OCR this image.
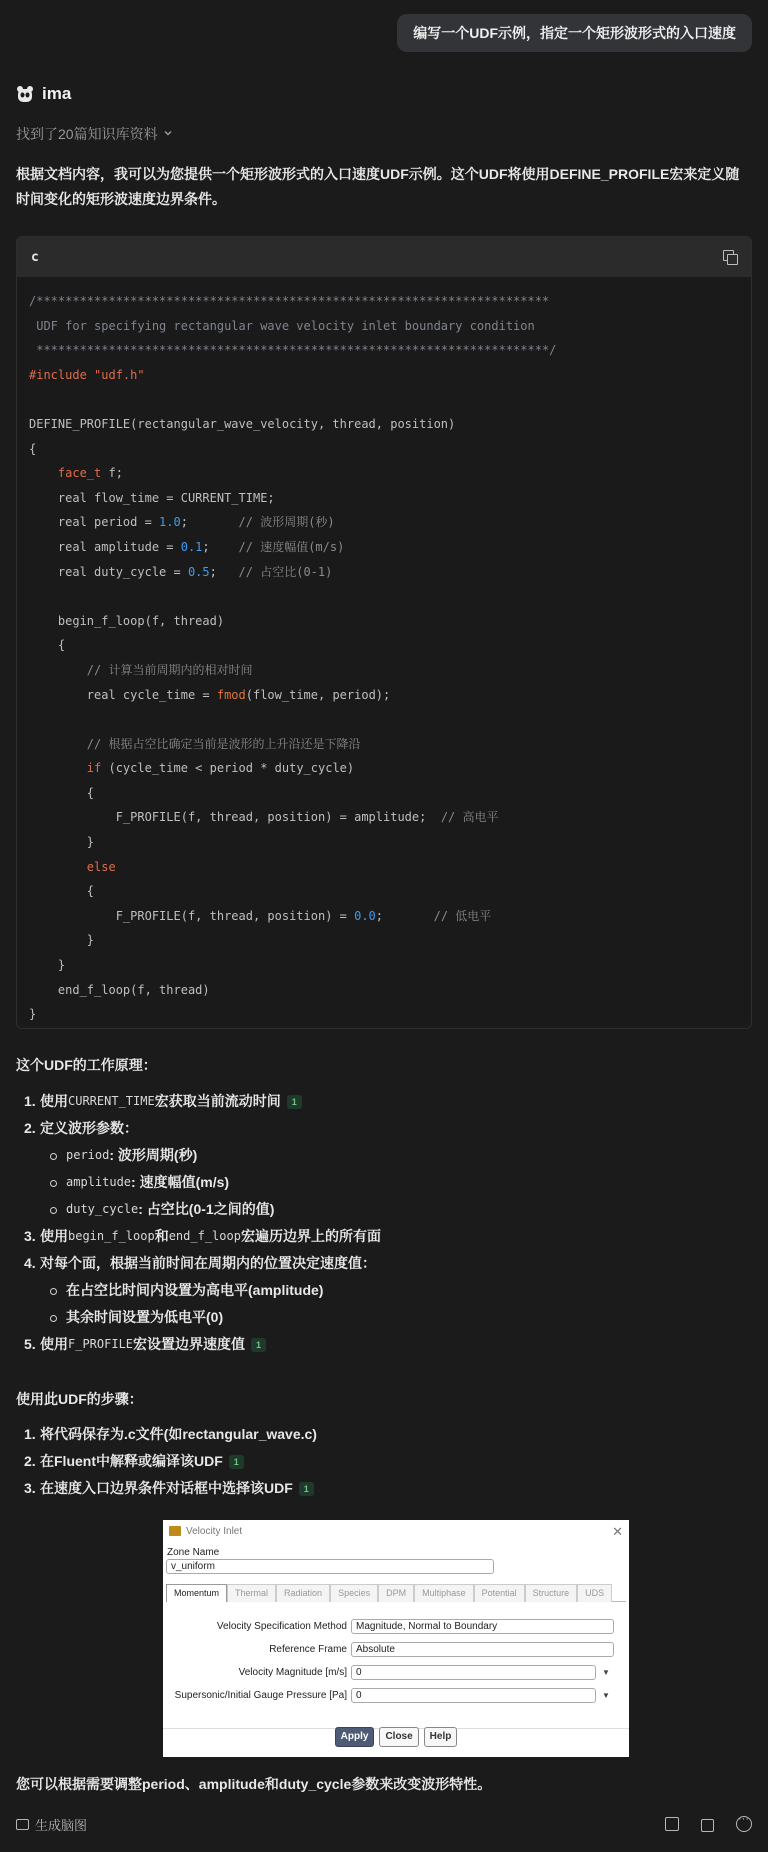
编写一个UDF示例，指定一个矩形波形式的入口速度
ima
找到了20篇知识库资料
根据文档内容，我可以为您提供一个矩形波形式的入口速度UDF示例。这个UDF将使用DEFINE_PROFILE宏来定义随时间变化的矩形波速度边界条件。
c
/***********************************************************************
UDF for specifying rectangular wave velocity inlet boundary condition
***********************************************************************/
#include "udf.h"
DEFINE_PROFILE(rectangular_wave_velocity, thread, position)
{
face_t f;
real flow_time = CURRENT_TIME;
real period = 1.0;       // 波形周期(秒)
real amplitude = 0.1;    // 速度幅值(m/s)
real duty_cycle = 0.5;   // 占空比(0-1)
begin_f_loop(f, thread)
{
// 计算当前周期内的相对时间
real cycle_time = fmod(flow_time, period);
// 根据占空比确定当前是波形的上升沿还是下降沿
if (cycle_time < period * duty_cycle)
{
F_PROFILE(f, thread, position) = amplitude;  // 高电平
}
else
{
F_PROFILE(f, thread, position) = 0.0;       // 低电平
}
}
end_f_loop(f, thread)
}
这个UDF的工作原理：
1. 使用 CURRENT_TIME 宏获取当前流动时间	1
2. 定义波形参数：
period : 波形周期(秒)
amplitude : 速度幅值(m/s)
duty_cycle : 占空比(0-1之间的值)
3. 使用 begin_f_loop 和 end_f_loop 宏遍历边界上的所有面
4. 对每个面，根据当前时间在周期内的位置决定速度值：
在占空比时间内设置为高电平(amplitude)
其余时间设置为低电平(0)
5. 使用 F_PROFILE 宏设置边界速度值	1
使用此UDF的步骤：
1. 将代码保存为.c文件(如rectangular_wave.c)
2. 在Fluent中解释或编译该UDF	1
3. 在速度入口边界条件对话框中选择该UDF	1
Velocity Inlet	✕
Zone Name
v_uniform
Momentum	Thermal	Radiation	Species	DPM	Multiphase	Potential	Structure	UDS
Velocity Specification Method Magnitude, Normal to Boundary
Reference Frame Absolute
Velocity Magnitude [m/s] 0	▼
Supersonic/Initial Gauge Pressure [Pa] 0	▼
Apply	Close	Help
您可以根据需要调整period、amplitude和duty_cycle参数来改变波形特性。
生成脑图
···
